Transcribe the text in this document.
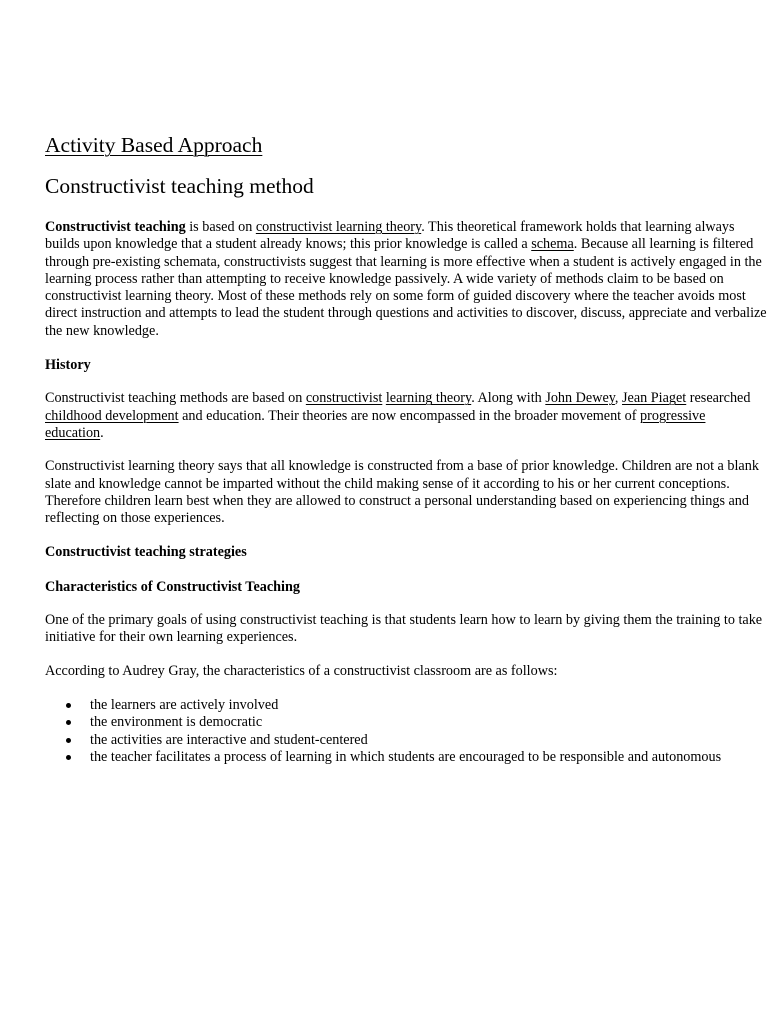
Activity Based Approach
Constructivist teaching method

Constructivist teaching is based on constructivist learning theory. This theoretical framework holds that learning always builds upon knowledge that a student already knows; this prior knowledge is called a schema. Because all learning is filtered through pre-existing schemata, constructivists suggest that learning is more effective when a student is actively engaged in the learning process rather than attempting to receive knowledge passively. A wide variety of methods claim to be based on constructivist learning theory. Most of these methods rely on some form of guided discovery where the teacher avoids most direct instruction and attempts to lead the student through questions and activities to discover, discuss, appreciate and verbalize the new knowledge.

History

Constructivist teaching methods are based on constructivist learning theory. Along with John Dewey, Jean Piaget researched childhood development and education. Their theories are now encompassed in the broader movement of progressive education.

Constructivist learning theory says that all knowledge is constructed from a base of prior knowledge. Children are not a blank slate and knowledge cannot be imparted without the child making sense of it according to his or her current conceptions. Therefore children learn best when they are allowed to construct a personal understanding based on experiencing things and reflecting on those experiences.

Constructivist teaching strategies

Characteristics of Constructivist Teaching

One of the primary goals of using constructivist teaching is that students learn how to learn by giving them the training to take initiative for their own learning experiences.

According to Audrey Gray, the characteristics of a constructivist classroom are as follows:

the learners are actively involved
the environment is democratic
the activities are interactive and student-centered
the teacher facilitates a process of learning in which students are encouraged to be responsible and autonomous
